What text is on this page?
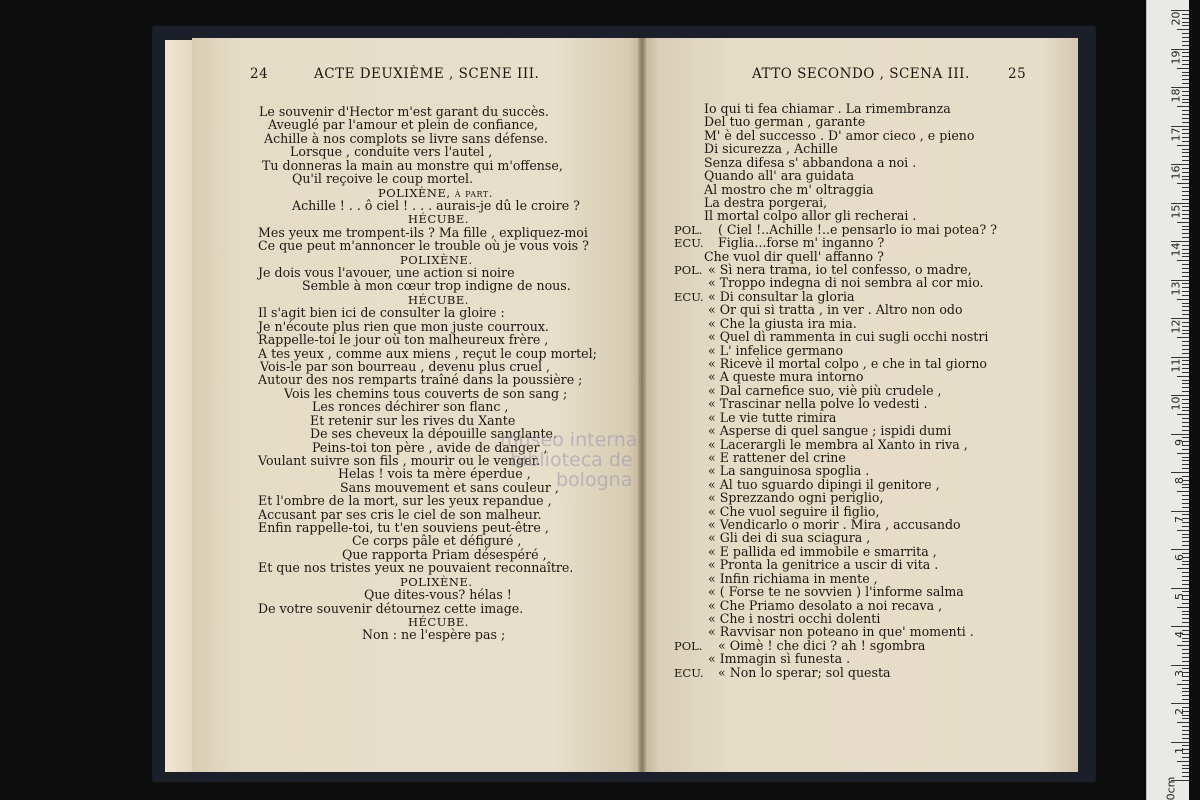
24	ACTE DEUXIÈME , SCENE III.
Le souvenir d'Hector m'est garant du succès.
Aveuglé par l'amour et plein de confiance,
Achille à nos complots se livre sans défense.
Lorsque , conduite vers l'autel ,
Tu donneras la main au monstre qui m'offense,
Qu'il reçoive le coup mortel.
POLIXÈNE, à part.
Achille ! . . ô ciel ! . . . aurais-je dû le croire ?
HÉCUBE.
Mes yeux me trompent-ils ? Ma fille , expliquez-moi
Ce que peut m'annoncer le trouble où je vous vois ?
POLIXÈNE.
Je dois vous l'avouer, une action si noire
Semble à mon cœur trop indigne de nous.
HÉCUBE.
Il s'agit bien ici de consulter la gloire :
Je n'écoute plus rien que mon juste courroux.
Rappelle-toi le jour où ton malheureux frère ,
A tes yeux , comme aux miens , reçut le coup mortel;
Vois-le par son bourreau , devenu plus cruel ,
Autour des nos remparts traîné dans la poussière ;
Vois les chemins tous couverts de son sang ;
Les ronces déchirer son flanc ,
Et retenir sur les rives du Xante
De ses cheveux la dépouille sanglante.
Peins-toi ton père , avide de danger ,
Voulant suivre son fils , mourir ou le venger.
Helas ! vois ta mère éperdue ,
Sans mouvement et sans couleur ,
Et l'ombre de la mort, sur les yeux repandue ,
Accusant par ses cris le ciel de son malheur.
Enfin rappelle-toi, tu t'en souviens peut-être ,
Ce corps pâle et défiguré ,
Que rapporta Priam désespéré ,
Et que nos tristes yeux ne pouvaient reconnaître.
POLIXÈNE.
Que dites-vous? hélas !
De votre souvenir détournez cette image.
HÉCUBE.
Non : ne l'espère pas ;
ATTO SECONDO , SCENA III.	25
Io qui ti fea chiamar . La rimembranza
Del tuo german , garante
M' è del successo . D' amor cieco , e pieno
Di sicurezza , Achille
Senza difesa s' abbandona a noi .
Quando all' ara guidata
Al mostro che m' oltraggia
La destra porgerai,
Il mortal colpo allor gli recherai .
( Ciel !..Achille !..e pensarlo io mai potea? ?
POL.
Figlia...forse m' inganno ?
ECU.
Che vuol dir quell' affanno ?
« Sì nera trama, io tel confesso, o madre,
POL.
« Troppo indegna di noi sembra al cor mio.
« Di consultar la gloria
ECU.
« Or qui si tratta , in ver . Altro non odo
« Che la giusta ira mia.
« Quel dì rammenta in cui sugli occhi nostri
« L' infelice germano
« Ricevè il mortal colpo , e che in tal giorno
« A queste mura intorno
« Dal carnefice suo, viè più crudele ,
« Trascinar nella polve lo vedesti .
« Le vie tutte rimira
« Asperse di quel sangue ; ispidi dumi
« Lacerargli le membra al Xanto in riva ,
« E rattener del crine
« La sanguinosa spoglia .
« Al tuo sguardo dipingi il genitore ,
« Sprezzando ogni periglio,
« Che vuol seguire il figlio,
« Vendicarlo o morir . Mira , accusando
« Gli dei di sua sciagura ,
« E pallida ed immobile e smarrita ,
« Pronta la genitrice a uscir di vita .
« Infin richiama in mente ,
« ( Forse te ne sovvien ) l'informe salma
« Che Priamo desolato a noi recava ,
« Che i nostri occhi dolenti
« Ravvisar non poteano in que' momenti .
« Oimè ! che dici ? ah ! sgombra
POL.
« Immagin sì funesta .
« Non lo sperar; sol questa
ECU.
museo interna
biblioteca de
bologna
20
19
18
17
16
15
14
13
12
11
10
9
8
7
6
5
4
3
2
1
0cm
